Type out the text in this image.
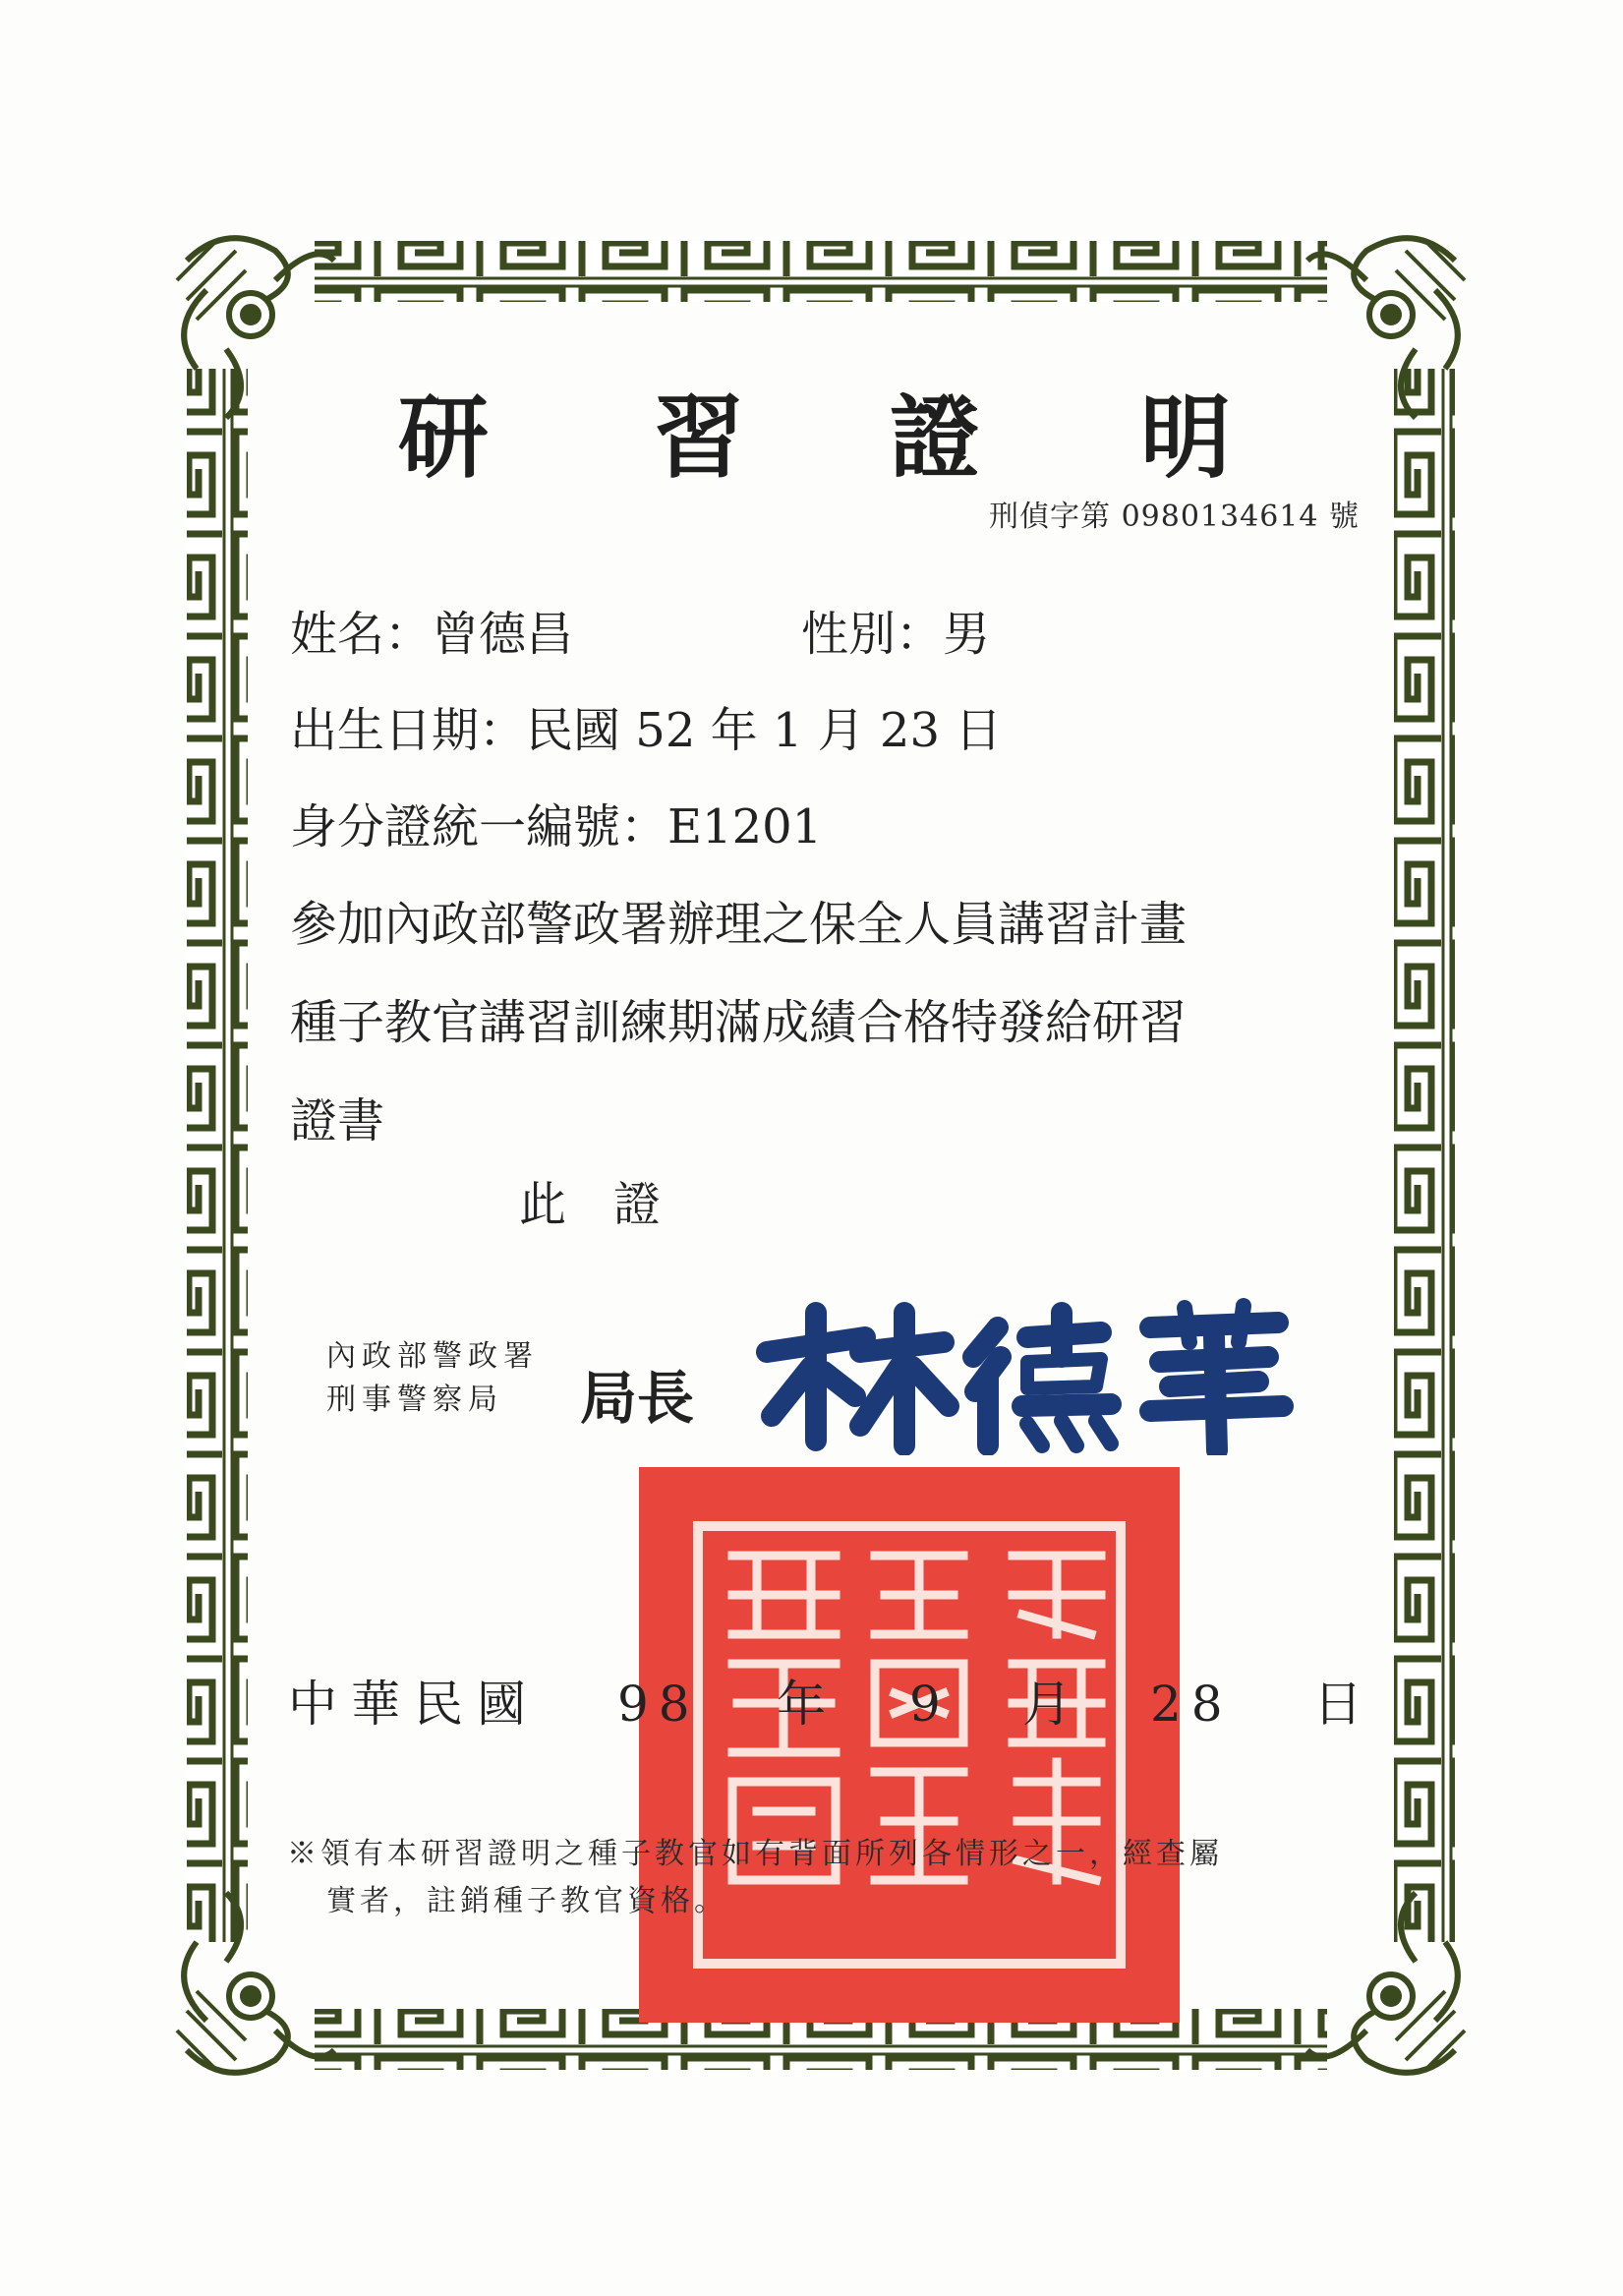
研 習 證 明
刑偵字第 0980134614 號
姓名：曾德昌	性別：男
出生日期：民國 52 年 1 月 23 日
身分證統一編號：E1201
參加內政部警政署辦理之保全人員講習計畫
種子教官講習訓練期滿成績合格特發給研習
證書
此　證
內政部警政署
刑事警察局	局長
中華民國 98 年 9 月 28 日
※領有本研習證明之種子教官如有背面所列各情形之一，經查屬
實者，註銷種子教官資格。
